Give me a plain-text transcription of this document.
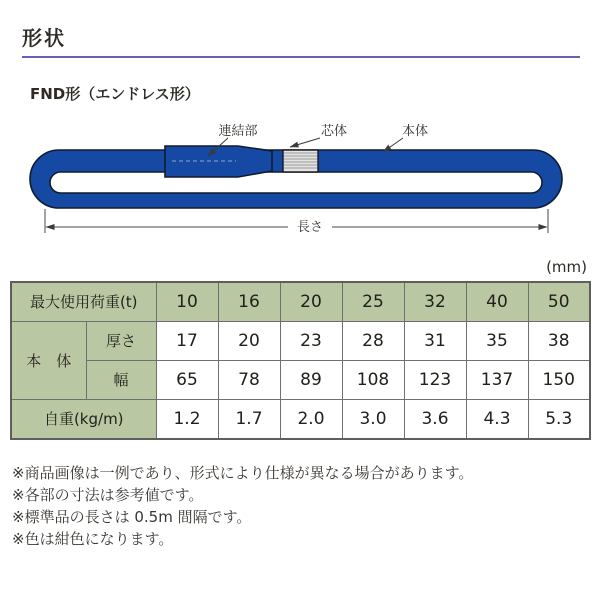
形状
FND形（エンドレス形）
連結部	芯体	本体
長さ
(mm)
最大使用荷重(t)		10	16	20	25	32	40	50
本　体	厚さ	17	20	23	28	31	35	38
	幅	65	78	89	108	123	137	150
自重(kg/m)		1.2	1.7	2.0	3.0	3.6	4.3	5.3
※商品画像は一例であり、形式により仕様が異なる場合があります。
※各部の寸法は参考値です。
※標準品の長さは 0.5m 間隔です。
※色は紺色になります。
